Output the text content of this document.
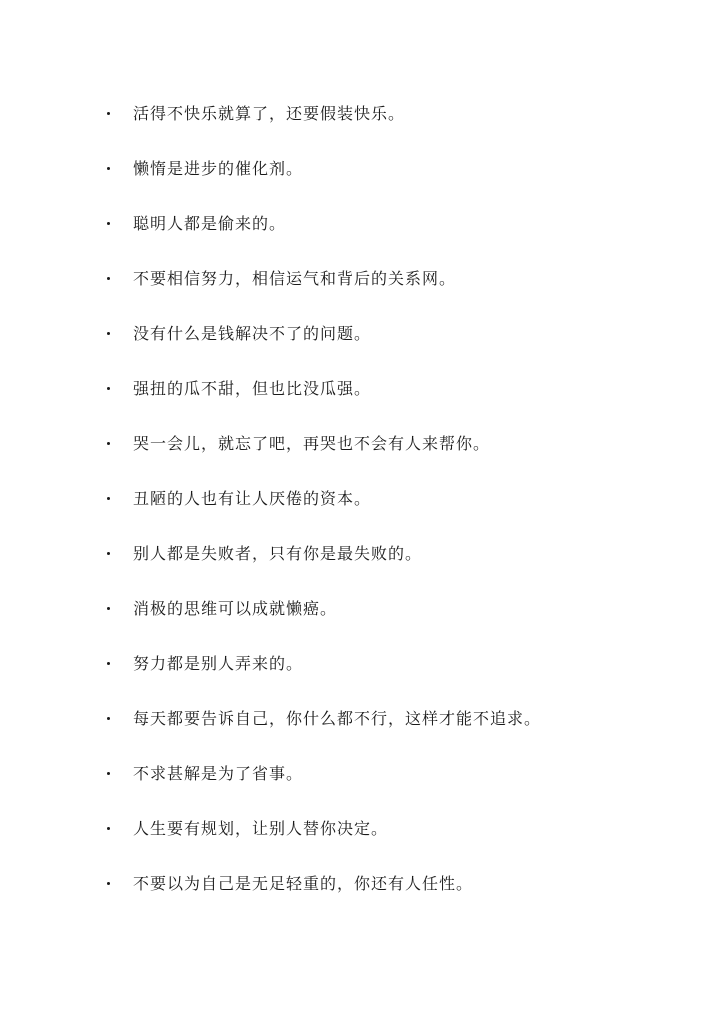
活得不快乐就算了，还要假装快乐。
懒惰是进步的催化剂。
聪明人都是偷来的。
不要相信努力，相信运气和背后的关系网。
没有什么是钱解决不了的问题。
强扭的瓜不甜，但也比没瓜强。
哭一会儿，就忘了吧，再哭也不会有人来帮你。
丑陋的人也有让人厌倦的资本。
别人都是失败者，只有你是最失败的。
消极的思维可以成就懒癌。
努力都是别人弄来的。
每天都要告诉自己，你什么都不行，这样才能不追求。
不求甚解是为了省事。
人生要有规划，让别人替你决定。
不要以为自己是无足轻重的，你还有人任性。
